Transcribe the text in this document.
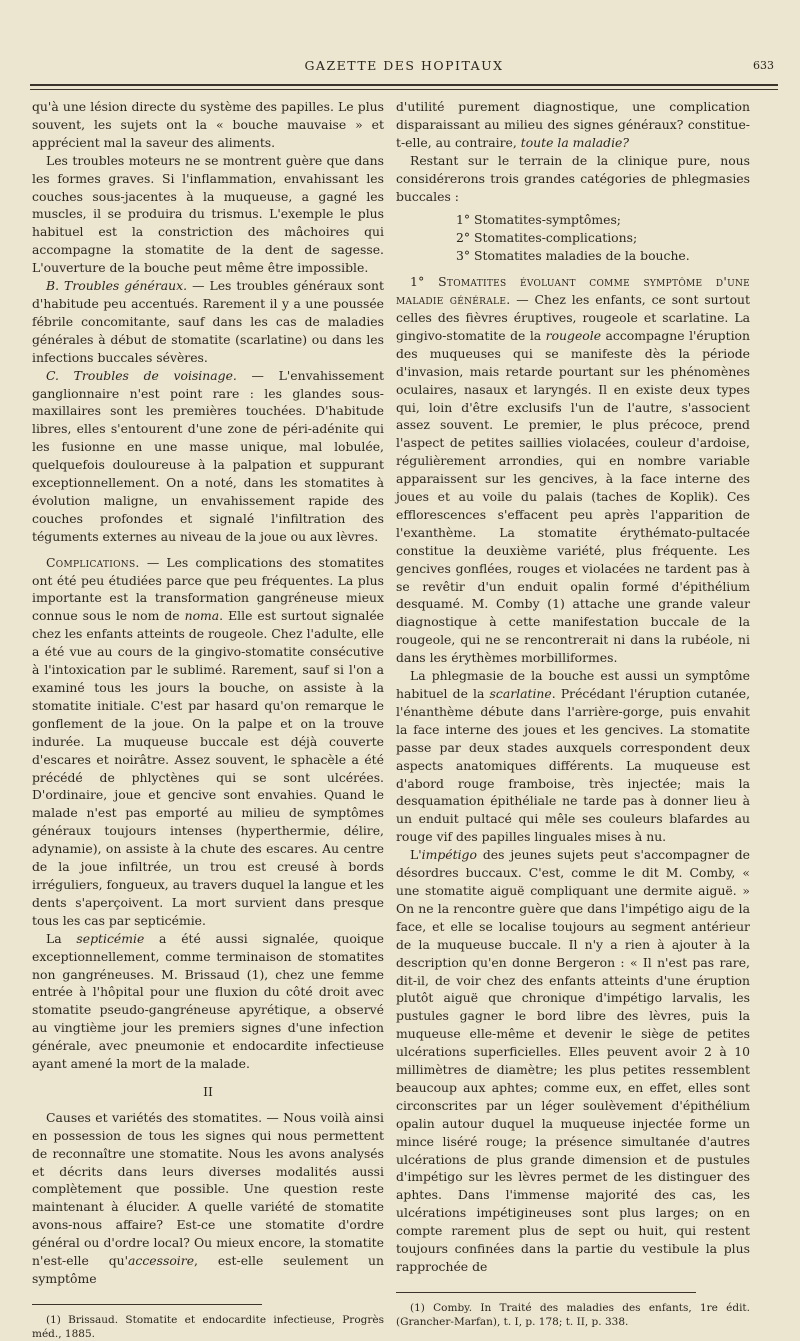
GAZETTE DES HOPITAUX	633

qu'à une lésion directe du système des papilles. Le plus souvent, les sujets ont la « bouche mauvaise » et apprécient mal la saveur des aliments.

Les troubles moteurs ne se montrent guère que dans les formes graves. Si l'inflammation, envahissant les couches sous-jacentes à la muqueuse, a gagné les muscles, il se produira du trismus. L'exemple le plus habituel est la constriction des mâchoires qui accompagne la stomatite de la dent de sagesse. L'ouverture de la bouche peut même être impossible.

B. Troubles généraux. — Les troubles généraux sont d'habitude peu accentués. Rarement il y a une poussée fébrile concomitante, sauf dans les cas de maladies générales à début de stomatite (scarlatine) ou dans les infections buccales sévères.

C. Troubles de voisinage. — L'envahissement ganglionnaire n'est point rare : les glandes sous-maxillaires sont les premières touchées. D'habitude libres, elles s'entourent d'une zone de péri-adénite qui les fusionne en une masse unique, mal lobulée, quelquefois douloureuse à la palpation et suppurant exceptionnellement. On a noté, dans les stomatites à évolution maligne, un envahissement rapide des couches profondes et signalé l'infiltration des téguments externes au niveau de la joue ou aux lèvres.

Complications. — Les complications des stomatites ont été peu étudiées parce que peu fréquentes. La plus importante est la transformation gangréneuse mieux connue sous le nom de noma. Elle est surtout signalée chez les enfants atteints de rougeole. Chez l'adulte, elle a été vue au cours de la gingivo-stomatite consécutive à l'intoxication par le sublimé. Rarement, sauf si l'on a examiné tous les jours la bouche, on assiste à la stomatite initiale. C'est par hasard qu'on remarque le gonflement de la joue. On la palpe et on la trouve indurée. La muqueuse buccale est déjà couverte d'escares et noirâtre. Assez souvent, le sphacèle a été précédé de phlyctènes qui se sont ulcérées. D'ordinaire, joue et gencive sont envahies. Quand le malade n'est pas emporté au milieu de symptômes généraux toujours intenses (hyperthermie, délire, adynamie), on assiste à la chute des escares. Au centre de la joue infiltrée, un trou est creusé à bords irréguliers, fongueux, au travers duquel la langue et les dents s'aperçoivent. La mort survient dans presque tous les cas par septicémie.

La septicémie a été aussi signalée, quoique exceptionnellement, comme terminaison de stomatites non gangréneuses. M. Brissaud (1), chez une femme entrée à l'hôpital pour une fluxion du côté droit avec stomatite pseudo-gangréneuse apyrétique, a observé au vingtième jour les premiers signes d'une infection générale, avec pneumonie et endocardite infectieuse ayant amené la mort de la malade.

II

Causes et variétés des stomatites. — Nous voilà ainsi en possession de tous les signes qui nous permettent de reconnaître une stomatite. Nous les avons analysés et décrits dans leurs diverses modalités aussi complètement que possible. Une question reste maintenant à élucider. A quelle variété de stomatite avons-nous affaire? Est-ce une stomatite d'ordre général ou d'ordre local? Ou mieux encore, la stomatite n'est-elle qu'accessoire, est-elle seulement un symptôme

(1) Brissaud. Stomatite et endocardite infectieuse, Progrès méd., 1885.

d'utilité purement diagnostique, une complication disparaissant au milieu des signes généraux? constitue-t-elle, au contraire, toute la maladie?

Restant sur le terrain de la clinique pure, nous considérerons trois grandes catégories de phlegmasies buccales :

1° Stomatites-symptômes;

2° Stomatites-complications;

3° Stomatites maladies de la bouche.

1° Stomatites évoluant comme symptôme d'une maladie générale. — Chez les enfants, ce sont surtout celles des fièvres éruptives, rougeole et scarlatine. La gingivo-stomatite de la rougeole accompagne l'éruption des muqueuses qui se manifeste dès la période d'invasion, mais retarde pourtant sur les phénomènes oculaires, nasaux et laryngés. Il en existe deux types qui, loin d'être exclusifs l'un de l'autre, s'associent assez souvent. Le premier, le plus précoce, prend l'aspect de petites saillies violacées, couleur d'ardoise, régulièrement arrondies, qui en nombre variable apparaissent sur les gencives, à la face interne des joues et au voile du palais (taches de Koplik). Ces efflorescences s'effacent peu après l'apparition de l'exanthème. La stomatite érythémato-pultacée constitue la deuxième variété, plus fréquente. Les gencives gonflées, rouges et violacées ne tardent pas à se revêtir d'un enduit opalin formé d'épithélium desquamé. M. Comby (1) attache une grande valeur diagnostique à cette manifestation buccale de la rougeole, qui ne se rencontrerait ni dans la rubéole, ni dans les érythèmes morbilliformes.

La phlegmasie de la bouche est aussi un symptôme habituel de la scarlatine. Précédant l'éruption cutanée, l'énanthème débute dans l'arrière-gorge, puis envahit la face interne des joues et les gencives. La stomatite passe par deux stades auxquels correspondent deux aspects anatomiques différents. La muqueuse est d'abord rouge framboise, très injectée; mais la desquamation épithéliale ne tarde pas à donner lieu à un enduit pultacé qui mêle ses couleurs blafardes au rouge vif des papilles linguales mises à nu.

L'impétigo des jeunes sujets peut s'accompagner de désordres buccaux. C'est, comme le dit M. Comby, « une stomatite aiguë compliquant une dermite aiguë. » On ne la rencontre guère que dans l'impétigo aigu de la face, et elle se localise toujours au segment antérieur de la muqueuse buccale. Il n'y a rien à ajouter à la description qu'en donne Bergeron : « Il n'est pas rare, dit-il, de voir chez des enfants atteints d'une éruption plutôt aiguë que chronique d'impétigo larvalis, les pustules gagner le bord libre des lèvres, puis la muqueuse elle-même et devenir le siège de petites ulcérations superficielles. Elles peuvent avoir 2 à 10 millimètres de diamètre; les plus petites ressemblent beaucoup aux aphtes; comme eux, en effet, elles sont circonscrites par un léger soulèvement d'épithélium opalin autour duquel la muqueuse injectée forme un mince liséré rouge; la présence simultanée d'autres ulcérations de plus grande dimension et de pustules d'impétigo sur les lèvres permet de les distinguer des aphtes. Dans l'immense majorité des cas, les ulcérations impétigineuses sont plus larges; on en compte rarement plus de sept ou huit, qui restent toujours confinées dans la partie du vestibule la plus rapprochée de

(1) Comby. In Traité des maladies des enfants, 1re édit. (Grancher-Marfan), t. I, p. 178; t. II, p. 338.
